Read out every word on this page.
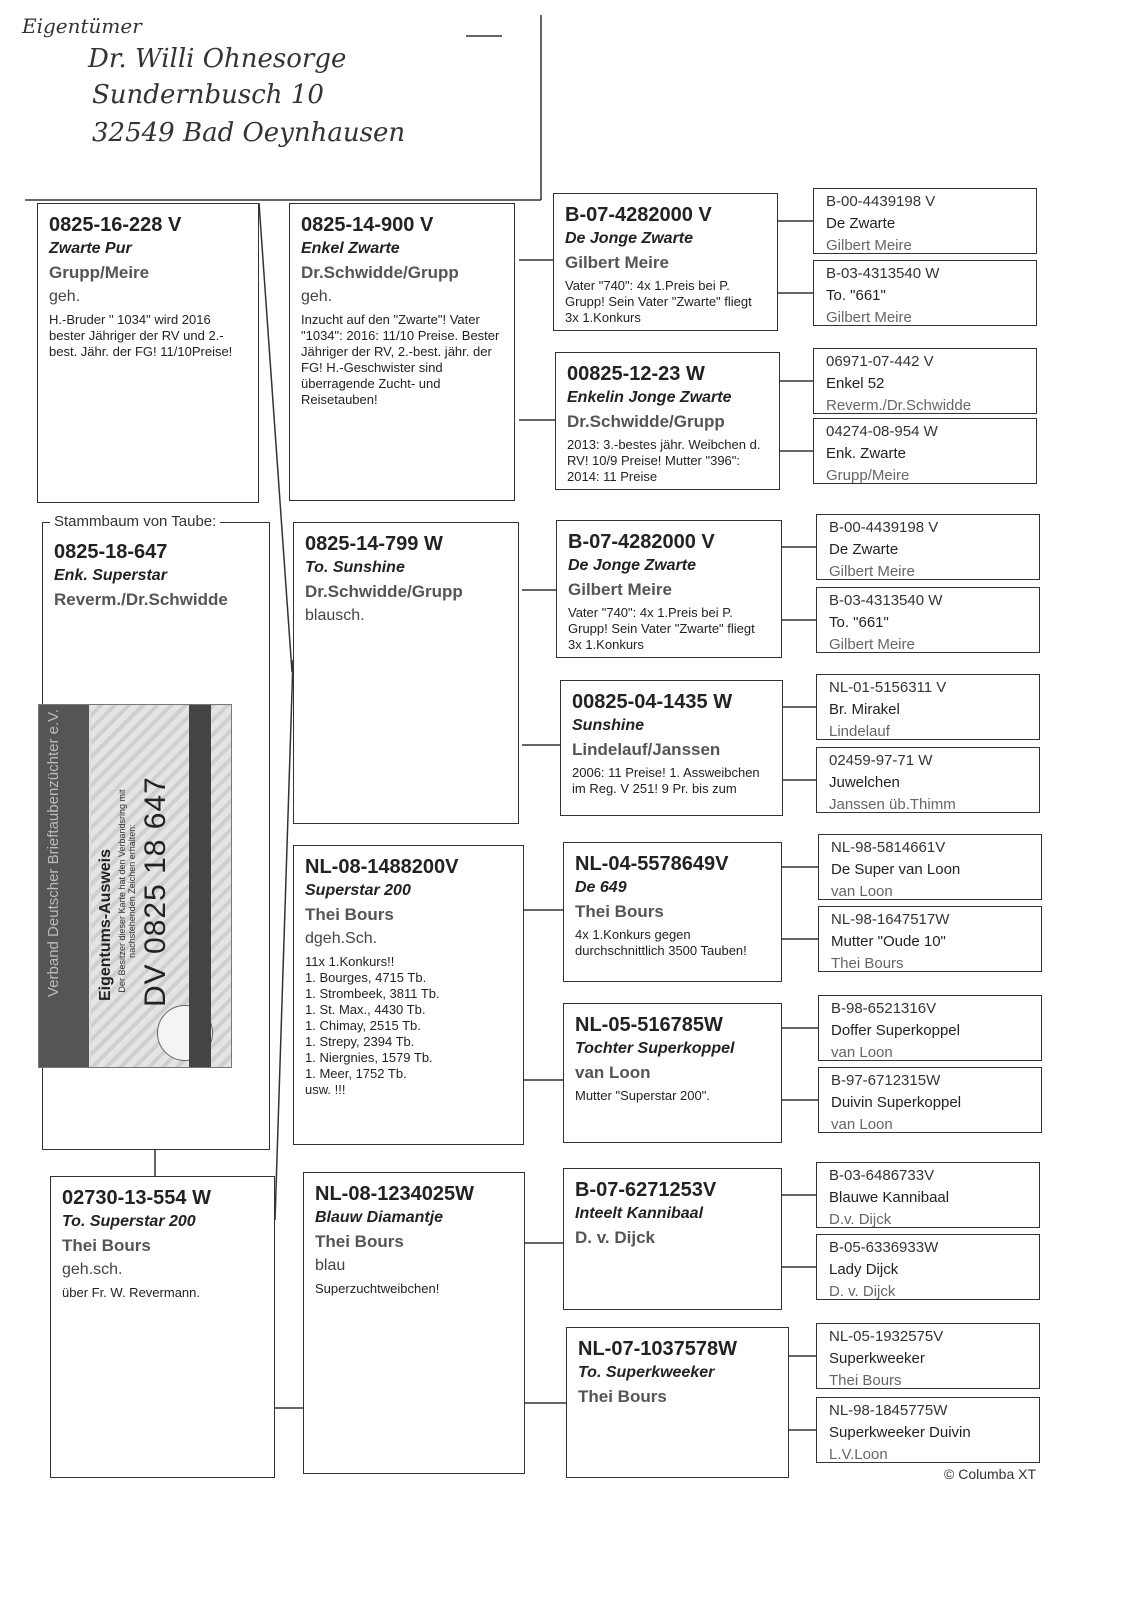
Eigentümer
Dr. Willi Ohnesorge
Sundernbusch 10
32549 Bad Oeynhausen
0825-16-228 V
Zwarte Pur
Grupp/Meire
geh.
H.-Bruder " 1034" wird 2016 bester Jähriger der RV und 2.-best. Jähr. der FG! 11/10Preise!
0825-18-647
Enk. Superstar
Reverm./Dr.Schwidde
02730-13-554 W
To. Superstar 200
Thei Bours
geh.sch.
über Fr. W. Revermann.
0825-14-900 V
Enkel Zwarte
Dr.Schwidde/Grupp
geh.
Inzucht auf den "Zwarte"! Vater "1034": 2016: 11/10 Preise. Bester Jähriger der RV, 2.-best. jähr. der FG! H.-Geschwister sind überragende Zucht- und Reisetauben!
0825-14-799 W
To. Sunshine
Dr.Schwidde/Grupp
blausch.
NL-08-1488200V
Superstar 200
Thei Bours
dgeh.Sch.
11x 1.Konkurs!!
1. Bourges, 4715 Tb.
1. Strombeek, 3811 Tb.
1. St. Max., 4430 Tb.
1. Chimay, 2515 Tb.
1. Strepy, 2394 Tb.
1. Niergnies, 1579 Tb.
1. Meer, 1752 Tb.
usw. !!!
NL-08-1234025W
Blauw Diamantje
Thei Bours
blau
Superzuchtweibchen!
B-07-4282000 V
De Jonge Zwarte
Gilbert Meire
Vater "740": 4x 1.Preis bei P. Grupp! Sein Vater "Zwarte" fliegt 3x 1.Konkurs
00825-12-23 W
Enkelin Jonge Zwarte
Dr.Schwidde/Grupp
2013: 3.-bestes jähr. Weibchen d. RV! 10/9 Preise! Mutter "396": 2014: 11 Preise
B-07-4282000 V
De Jonge Zwarte
Gilbert Meire
Vater "740": 4x 1.Preis bei P. Grupp! Sein Vater "Zwarte" fliegt 3x 1.Konkurs
00825-04-1435 W
Sunshine
Lindelauf/Janssen
2006: 11 Preise! 1. Assweibchen im Reg. V 251! 9 Pr. bis zum
NL-04-5578649V
De 649
Thei Bours
4x 1.Konkurs gegen durchschnittlich 3500 Tauben!
NL-05-516785W
Tochter Superkoppel
van Loon
Mutter "Superstar 200".
B-07-6271253V
Inteelt Kannibaal
D. v. Dijck
NL-07-1037578W
To. Superkweeker
Thei Bours
B-00-4439198 V
De Zwarte
Gilbert Meire
B-03-4313540 W
To. "661"
Gilbert Meire
06971-07-442 V
Enkel 52
Reverm./Dr.Schwidde
04274-08-954 W
Enk. Zwarte
Grupp/Meire
B-00-4439198 V
De Zwarte
Gilbert Meire
B-03-4313540 W
To. "661"
Gilbert Meire
NL-01-5156311 V
Br. Mirakel
Lindelauf
02459-97-71 W
Juwelchen
Janssen üb.Thimm
NL-98-5814661V
De Super van Loon
van Loon
NL-98-1647517W
Mutter "Oude 10"
Thei Bours
B-98-6521316V
Doffer Superkoppel
van Loon
B-97-6712315W
Duivin Superkoppel
van Loon
B-03-6486733V
Blauwe Kannibaal
D.v. Dijck
B-05-6336933W
Lady Dijck
D. v. Dijck
NL-05-1932575V
Superkweeker
Thei Bours
NL-98-1845775W
Superkweeker Duivin
L.V.Loon
Stammbaum von Taube:
Verband Deutscher Brieftaubenzüchter e.V.	Eigentums-Ausweis Der Besitzer dieser Karte hat den Verbandsring mit nachstehenden Zeichen erhalten: DV 0825 18 647
© Columba XT
